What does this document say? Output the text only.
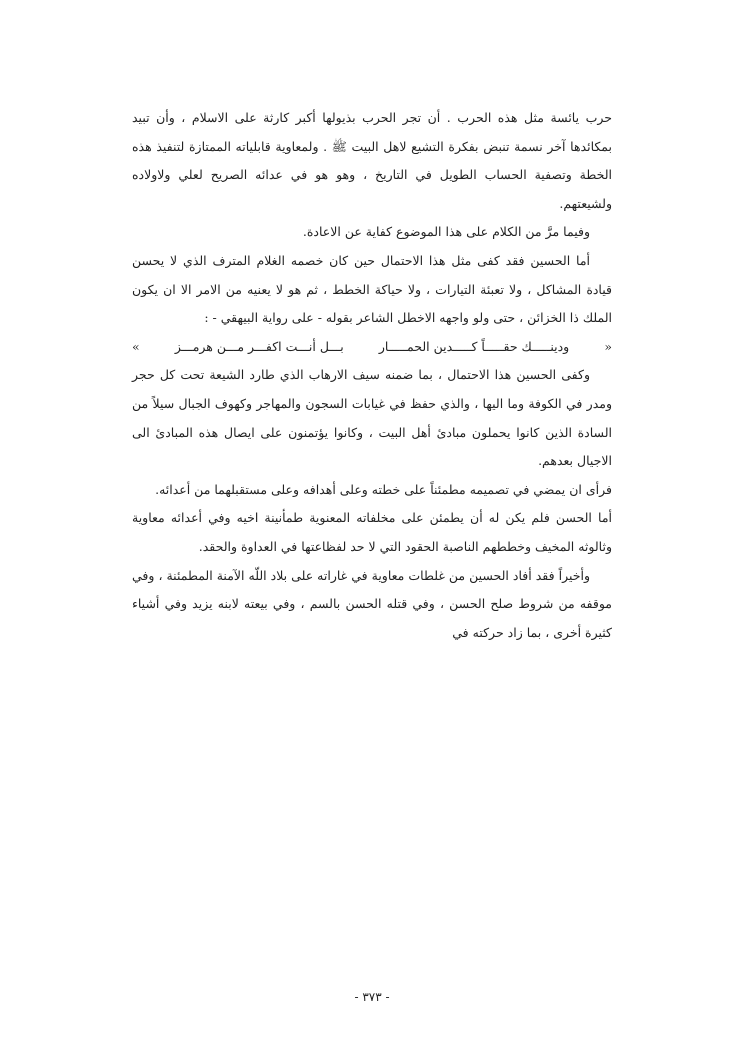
حرب يائسة مثل هذه الحرب . أن تجر الحرب بذيولها أكبر كارثة على الاسلام ، وأن تبيد بمكائدها آخر نسمة تنبض بفكرة التشيع لاهل البيت ﷺ . ولمعاوية قابلياته الممتازة لتنفيذ هذه الخطة وتصفية الحساب الطويل في التاريخ ، وهو هو في عدائه الصريح لعلي ولاولاده ولشيعتهم.

وفيما مرَّ من الكلام على هذا الموضوع كفاية عن الاعادة.

أما الحسين فقد كفى مثل هذا الاحتمال حين كان خصمه الغلام المترف الذي لا يحسن قيادة المشاكل ، ولا تعبئة التيارات ، ولا حياكة الخطط ، ثم هو لا يعنيه من الامر الا ان يكون الملك ذا الخزائن ، حتى ولو واجهه الاخطل الشاعر بقوله - على رواية البيهقي - :

«
ودينـــــك حقـــــاً كـــــدين الحمـــــار
بـــل أنـــت اكفـــر مـــن هرمـــز
»

وكفى الحسين هذا الاحتمال ، بما ضمنه سيف الارهاب الذي طارد الشيعة تحت كل حجر ومدر في الكوفة وما اليها ، والذي حفظ في غيابات السجون والمهاجر وكهوف الجبال سيلاً من السادة الذين كانوا يحملون مبادئ أهل البيت ، وكانوا يؤتمنون على ايصال هذه المبادئ الى الاجيال بعدهم.

فرأى ان يمضي في تصميمه مطمئناً على خطته وعلى أهدافه وعلى مستقبلهما من أعدائه.

أما الحسن فلم يكن له أن يطمئن على مخلفاته المعنوية طمأنينة اخيه وفي أعدائه معاوية وثالوثه المخيف وخططهم الناصبة الحقود التي لا حد لفظاعتها في العداوة والحقد.

وأخيراً فقد أفاد الحسين من غلطات معاوية في غاراته على بلاد اللّه الآمنة المطمئنة ، وفي موقفه من شروط صلح الحسن ، وفي قتله الحسن بالسم ، وفي بيعته لابنه يزيد وفي أشياء كثيرة أخرى ، بما زاد حركته في

- ٣٧٣ -
